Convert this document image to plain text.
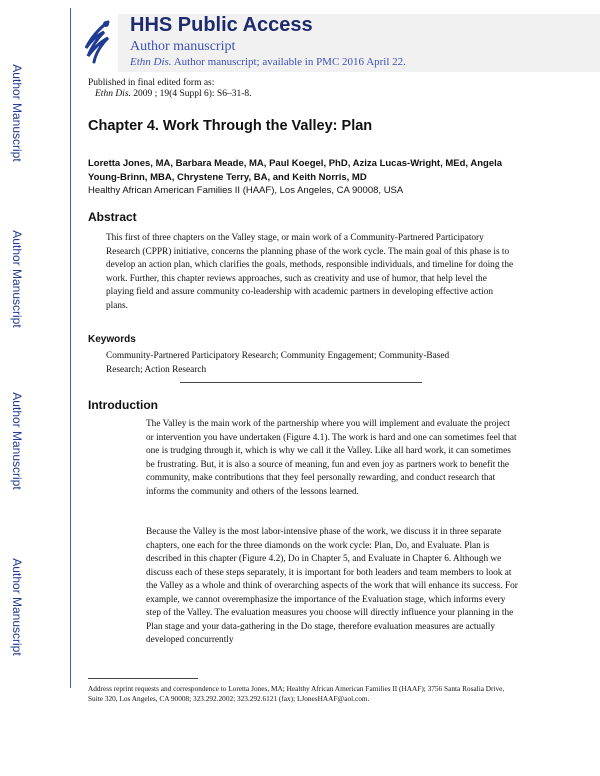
Author Manuscript
Author Manuscript
Author Manuscript
Author Manuscript
HHS Public Access
Author manuscript
Ethn Dis. Author manuscript; available in PMC 2016 April 22.
Published in final edited form as:
Ethn Dis. 2009 ; 19(4 Suppl 6): S6–31-8.
Chapter 4. Work Through the Valley: Plan

Loretta Jones, MA, Barbara Meade, MA, Paul Koegel, PhD, Aziza Lucas-Wright, MEd, Angela Young-Brinn, MBA, Chrystene Terry, BA, and Keith Norris, MD

Healthy African American Families II (HAAF), Los Angeles, CA 90008, USA
Abstract

This first of three chapters on the Valley stage, or main work of a Community-Partnered Participatory Research (CPPR) initiative, concerns the planning phase of the work cycle. The main goal of this phase is to develop an action plan, which clarifies the goals, methods, responsible individuals, and timeline for doing the work. Further, this chapter reviews approaches, such as creativity and use of humor, that help level the playing field and assure community co-leadership with academic partners in developing effective action plans.

Keywords

Community-Partnered Participatory Research; Community Engagement; Community-Based Research; Action Research

Introduction

The Valley is the main work of the partnership where you will implement and evaluate the project or intervention you have undertaken (Figure 4.1). The work is hard and one can sometimes feel that one is trudging through it, which is why we call it the Valley. Like all hard work, it can sometimes be frustrating. But, it is also a source of meaning, fun and even joy as partners work to benefit the community, make contributions that they feel personally rewarding, and conduct research that informs the community and others of the lessons learned.

Because the Valley is the most labor-intensive phase of the work, we discuss it in three separate chapters, one each for the three diamonds on the work cycle: Plan, Do, and Evaluate. Plan is described in this chapter (Figure 4.2), Do in Chapter 5, and Evaluate in Chapter 6. Although we discuss each of these steps separately, it is important for both leaders and team members to look at the Valley as a whole and think of overarching aspects of the work that will enhance its success. For example, we cannot overemphasize the importance of the Evaluation stage, which informs every step of the Valley. The evaluation measures you choose will directly influence your planning in the Plan stage and your data-gathering in the Do stage, therefore evaluation measures are actually developed concurrently

Address reprint requests and correspondence to Loretta Jones, MA; Healthy African American Families II (HAAF); 3756 Santa Rosalia Drive, Suite 320, Los Angeles, CA 90008; 323.292.2002; 323.292.6121 (fax); LJonesHAAF@aol.com.
